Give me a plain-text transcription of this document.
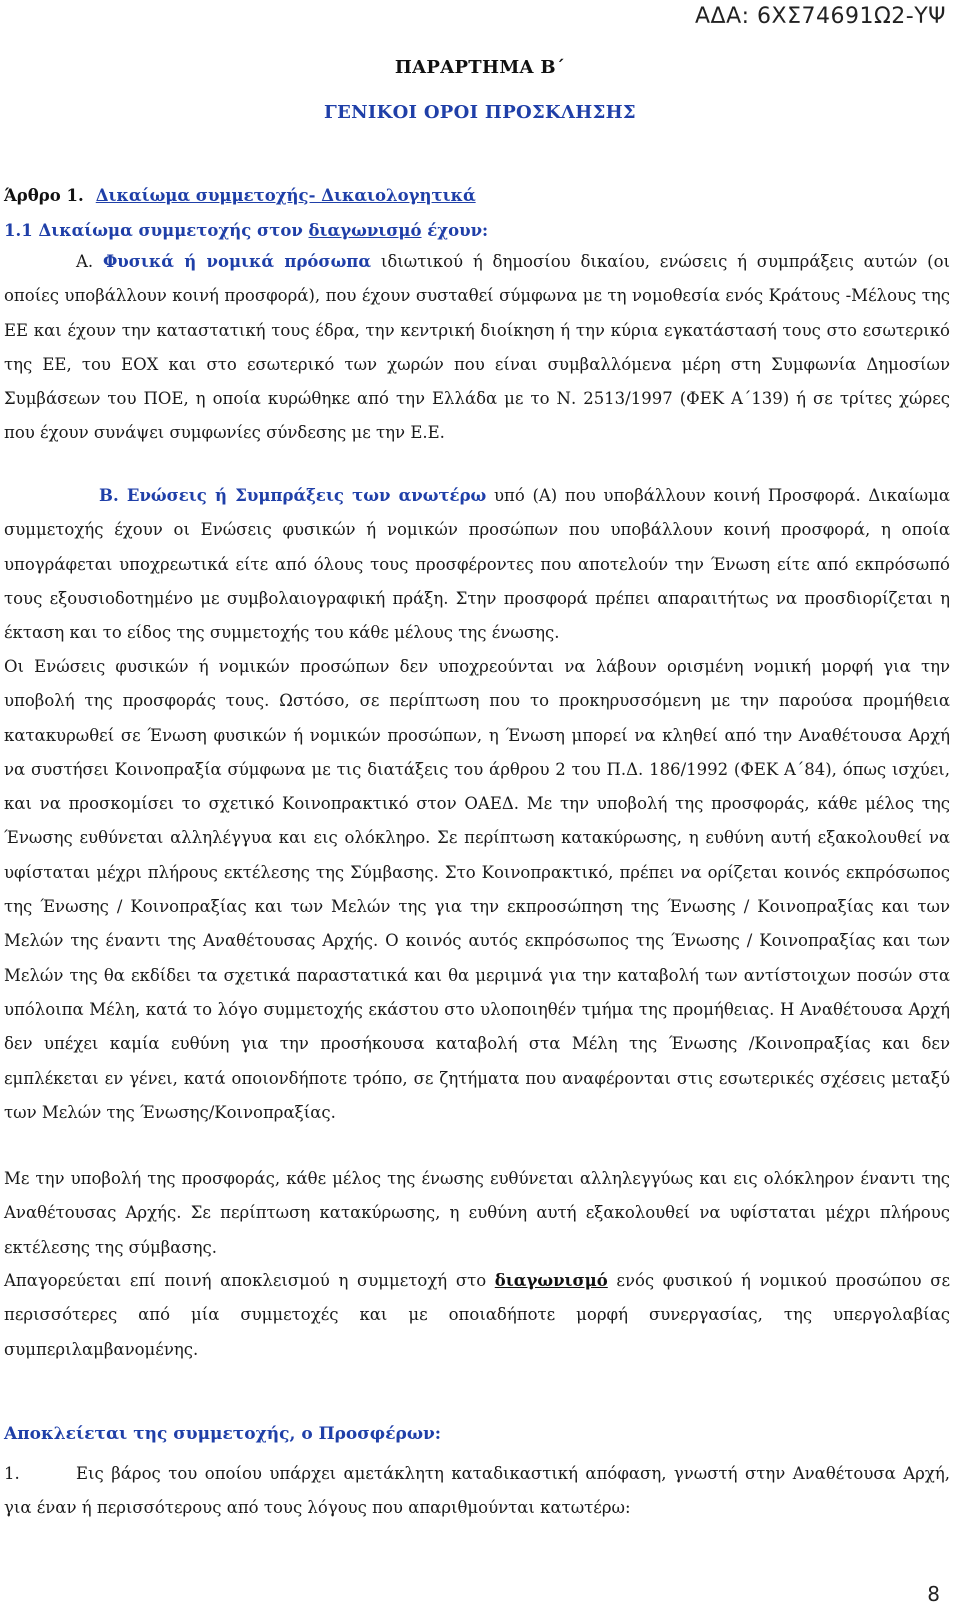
ΑΔΑ: 6ΧΣ74691Ω2-ΥΨ
ΠΑΡΑΡΤΗΜΑ Β΄
ΓΕΝΙΚΟΙ ΟΡΟΙ ΠΡΟΣΚΛΗΣΗΣ
Άρθρο 1. Δικαίωμα συμμετοχής- Δικαιολογητικά
1.1 Δικαίωμα συμμετοχής στον διαγωνισμό έχουν:
Α. Φυσικά ή νομικά πρόσωπα ιδιωτικού ή δημοσίου δικαίου, ενώσεις ή συμπράξεις αυτών (οι οποίες υποβάλλουν κοινή προσφορά), που έχουν συσταθεί σύμφωνα με τη νομοθεσία ενός Κράτους -Μέλους της ΕΕ και έχουν την καταστατική τους έδρα, την κεντρική διοίκηση ή την κύρια εγκατάστασή τους στο εσωτερικό της ΕΕ, του ΕΟΧ και στο εσωτερικό των χωρών που είναι συμβαλλόμενα μέρη στη Συμφωνία Δημοσίων Συμβάσεων του ΠΟΕ, η οποία κυρώθηκε από την Ελλάδα με το Ν. 2513/1997 (ΦΕΚ Α΄139) ή σε τρίτες χώρες που έχουν συνάψει συμφωνίες σύνδεσης με την Ε.Ε.
Β. Ενώσεις ή Συμπράξεις των ανωτέρω υπό (Α) που υποβάλλουν κοινή Προσφορά. Δικαίωμα συμμετοχής έχουν οι Ενώσεις φυσικών ή νομικών προσώπων που υποβάλλουν κοινή προσφορά, η οποία υπογράφεται υποχρεωτικά είτε από όλους τους προσφέροντες που αποτελούν την Ένωση είτε από εκπρόσωπό τους εξουσιοδοτημένο με συμβολαιογραφική πράξη. Στην προσφορά πρέπει απαραιτήτως να προσδιορίζεται η έκταση και το είδος της συμμετοχής του κάθε μέλους της ένωσης.
Οι Ενώσεις φυσικών ή νομικών προσώπων δεν υποχρεούνται να λάβουν ορισμένη νομική μορφή για την υποβολή της προσφοράς τους. Ωστόσο, σε περίπτωση που το προκηρυσσόμενη με την παρούσα προμήθεια κατακυρωθεί σε Ένωση φυσικών ή νομικών προσώπων, η Ένωση μπορεί να κληθεί από την Αναθέτουσα Αρχή να συστήσει Κοινοπραξία σύμφωνα με τις διατάξεις του άρθρου 2 του Π.Δ. 186/1992 (ΦΕΚ Α΄84), όπως ισχύει, και να προσκομίσει το σχετικό Κοινοπρακτικό στον ΟΑΕΔ. Με την υποβολή της προσφοράς, κάθε μέλος της Ένωσης ευθύνεται αλληλέγγυα και εις ολόκληρο. Σε περίπτωση κατακύρωσης, η ευθύνη αυτή εξακολουθεί να υφίσταται μέχρι πλήρους εκτέλεσης της Σύμβασης. Στο Κοινοπρακτικό, πρέπει να ορίζεται κοινός εκπρόσωπος της Ένωσης / Κοινοπραξίας και των Μελών της για την εκπροσώπηση της Ένωσης / Κοινοπραξίας και των Μελών της έναντι της Αναθέτουσας Αρχής. Ο κοινός αυτός εκπρόσωπος της Ένωσης / Κοινοπραξίας και των Μελών της θα εκδίδει τα σχετικά παραστατικά και θα μεριμνά για την καταβολή των αντίστοιχων ποσών στα υπόλοιπα Μέλη, κατά το λόγο συμμετοχής εκάστου στο υλοποιηθέν τμήμα της προμήθειας. Η Αναθέτουσα Αρχή δεν υπέχει καμία ευθύνη για την προσήκουσα καταβολή στα Μέλη της Ένωσης /Κοινοπραξίας και δεν εμπλέκεται εν γένει, κατά οποιονδήποτε τρόπο, σε ζητήματα που αναφέρονται στις εσωτερικές σχέσεις μεταξύ των Μελών της Ένωσης/Κοινοπραξίας.
Με την υποβολή της προσφοράς, κάθε μέλος της ένωσης ευθύνεται αλληλεγγύως και εις ολόκληρον έναντι της Αναθέτουσας Αρχής. Σε περίπτωση κατακύρωσης, η ευθύνη αυτή εξακολουθεί να υφίσταται μέχρι πλήρους εκτέλεσης της σύμβασης.
Απαγορεύεται επί ποινή αποκλεισμού η συμμετοχή στο διαγωνισμό ενός φυσικού ή νομικού προσώπου σε περισσότερες από μία συμμετοχές και με οποιαδήποτε μορφή συνεργασίας, της υπεργολαβίας συμπεριλαμβανομένης.
Αποκλείεται της συμμετοχής, ο Προσφέρων:
1.	Εις βάρος του οποίου υπάρχει αμετάκλητη καταδικαστική απόφαση, γνωστή στην Αναθέτουσα Αρχή, για έναν ή περισσότερους από τους λόγους που απαριθμούνται κατωτέρω:
8
